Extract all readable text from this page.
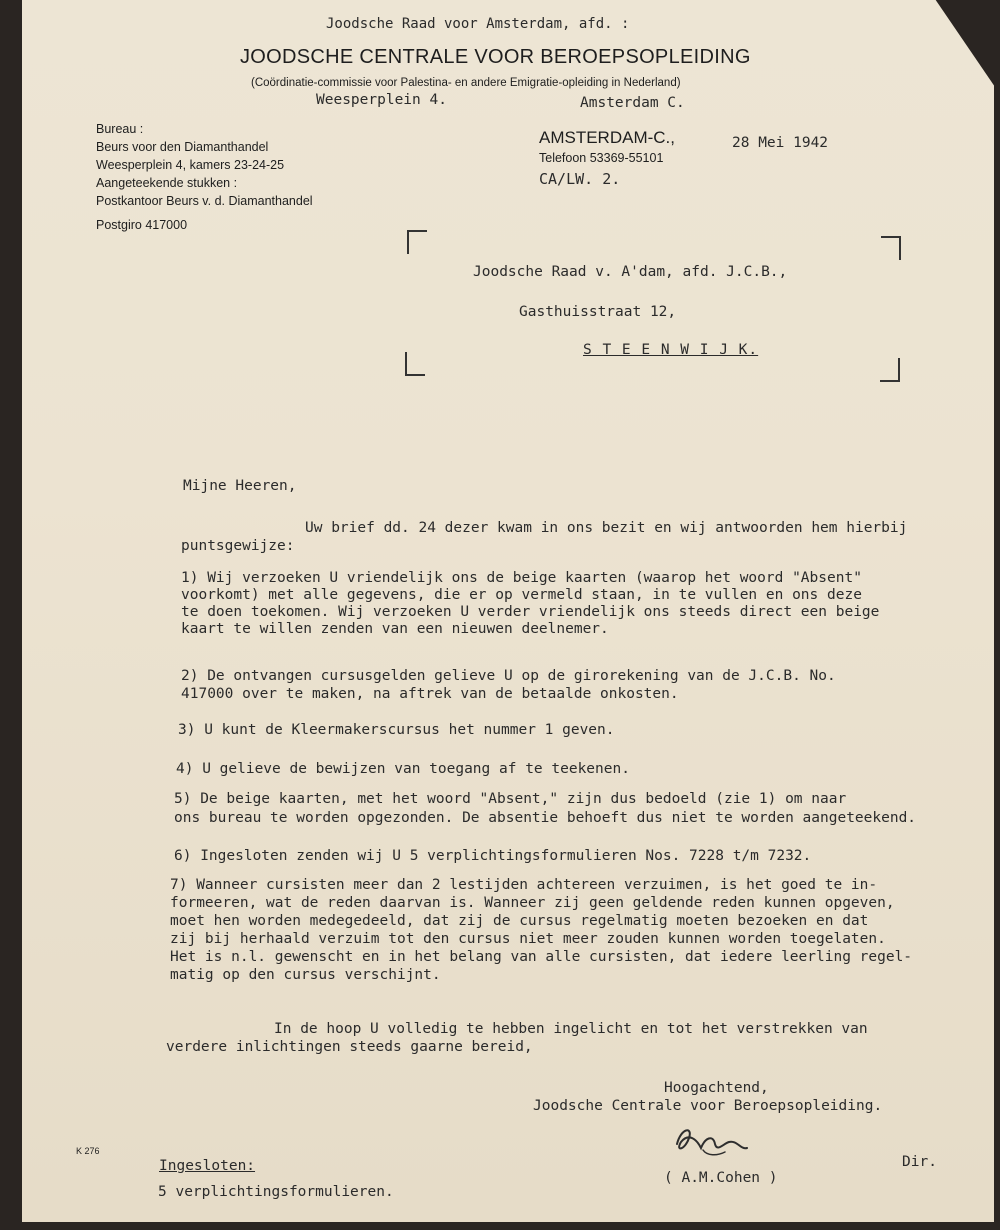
Joodsche Raad voor Amsterdam, afd. :
JOODSCHE CENTRALE VOOR BEROEPSOPLEIDING
(Coördinatie-commissie voor Palestina- en andere Emigratie-opleiding in Nederland)
Weesperplein 4.	Amsterdam C.
Bureau :
Beurs voor den Diamanthandel
Weesperplein 4, kamers 23-24-25
Aangeteekende stukken :
Postkantoor Beurs v. d. Diamanthandel
Postgiro 417000
AMSTERDAM-C.,
Telefoon 53369-55101
28 Mei 1942
CA/LW. 2.
Joodsche Raad v. A'dam, afd. J.C.B.,
Gasthuisstraat 12,
S T E E N W I J K.
Mijne Heeren,
Uw brief dd. 24 dezer kwam in ons bezit en wij antwoorden hem hierbij
puntsgewijze:
1) Wij verzoeken U vriendelijk ons de beige kaarten (waarop het woord "Absent"
voorkomt) met alle gegevens, die er op vermeld staan, in te vullen en ons deze
te doen toekomen. Wij verzoeken U verder vriendelijk ons steeds direct een beige
kaart te willen zenden van een nieuwen deelnemer.
2) De ontvangen cursusgelden gelieve U op de girorekening van de J.C.B. No.
417000 over te maken, na aftrek van de betaalde onkosten.
3) U kunt de Kleermakerscursus het nummer 1 geven.
4) U gelieve de bewijzen van toegang af te teekenen.
5) De beige kaarten, met het woord "Absent," zijn dus bedoeld (zie 1) om naar
ons bureau te worden opgezonden. De absentie behoeft dus niet te worden aangeteekend.
6) Ingesloten zenden wij U 5 verplichtingsformulieren Nos. 7228 t/m 7232.
7) Wanneer cursisten meer dan 2 lestijden achtereen verzuimen, is het goed te in-
formeeren, wat de reden daarvan is. Wanneer zij geen geldende reden kunnen opgeven,
moet hen worden medegedeeld, dat zij de cursus regelmatig moeten bezoeken en dat
zij bij herhaald verzuim tot den cursus niet meer zouden kunnen worden toegelaten.
Het is n.l. gewenscht en in het belang van alle cursisten, dat iedere leerling regel-
matig op den cursus verschijnt.
In de hoop U volledig te hebben ingelicht en tot het verstrekken van
verdere inlichtingen steeds gaarne bereid,
Hoogachtend,
Joodsche Centrale voor Beroepsopleiding.
Dir.
( A.M.Cohen )
K 276
Ingesloten:
5 verplichtingsformulieren.
